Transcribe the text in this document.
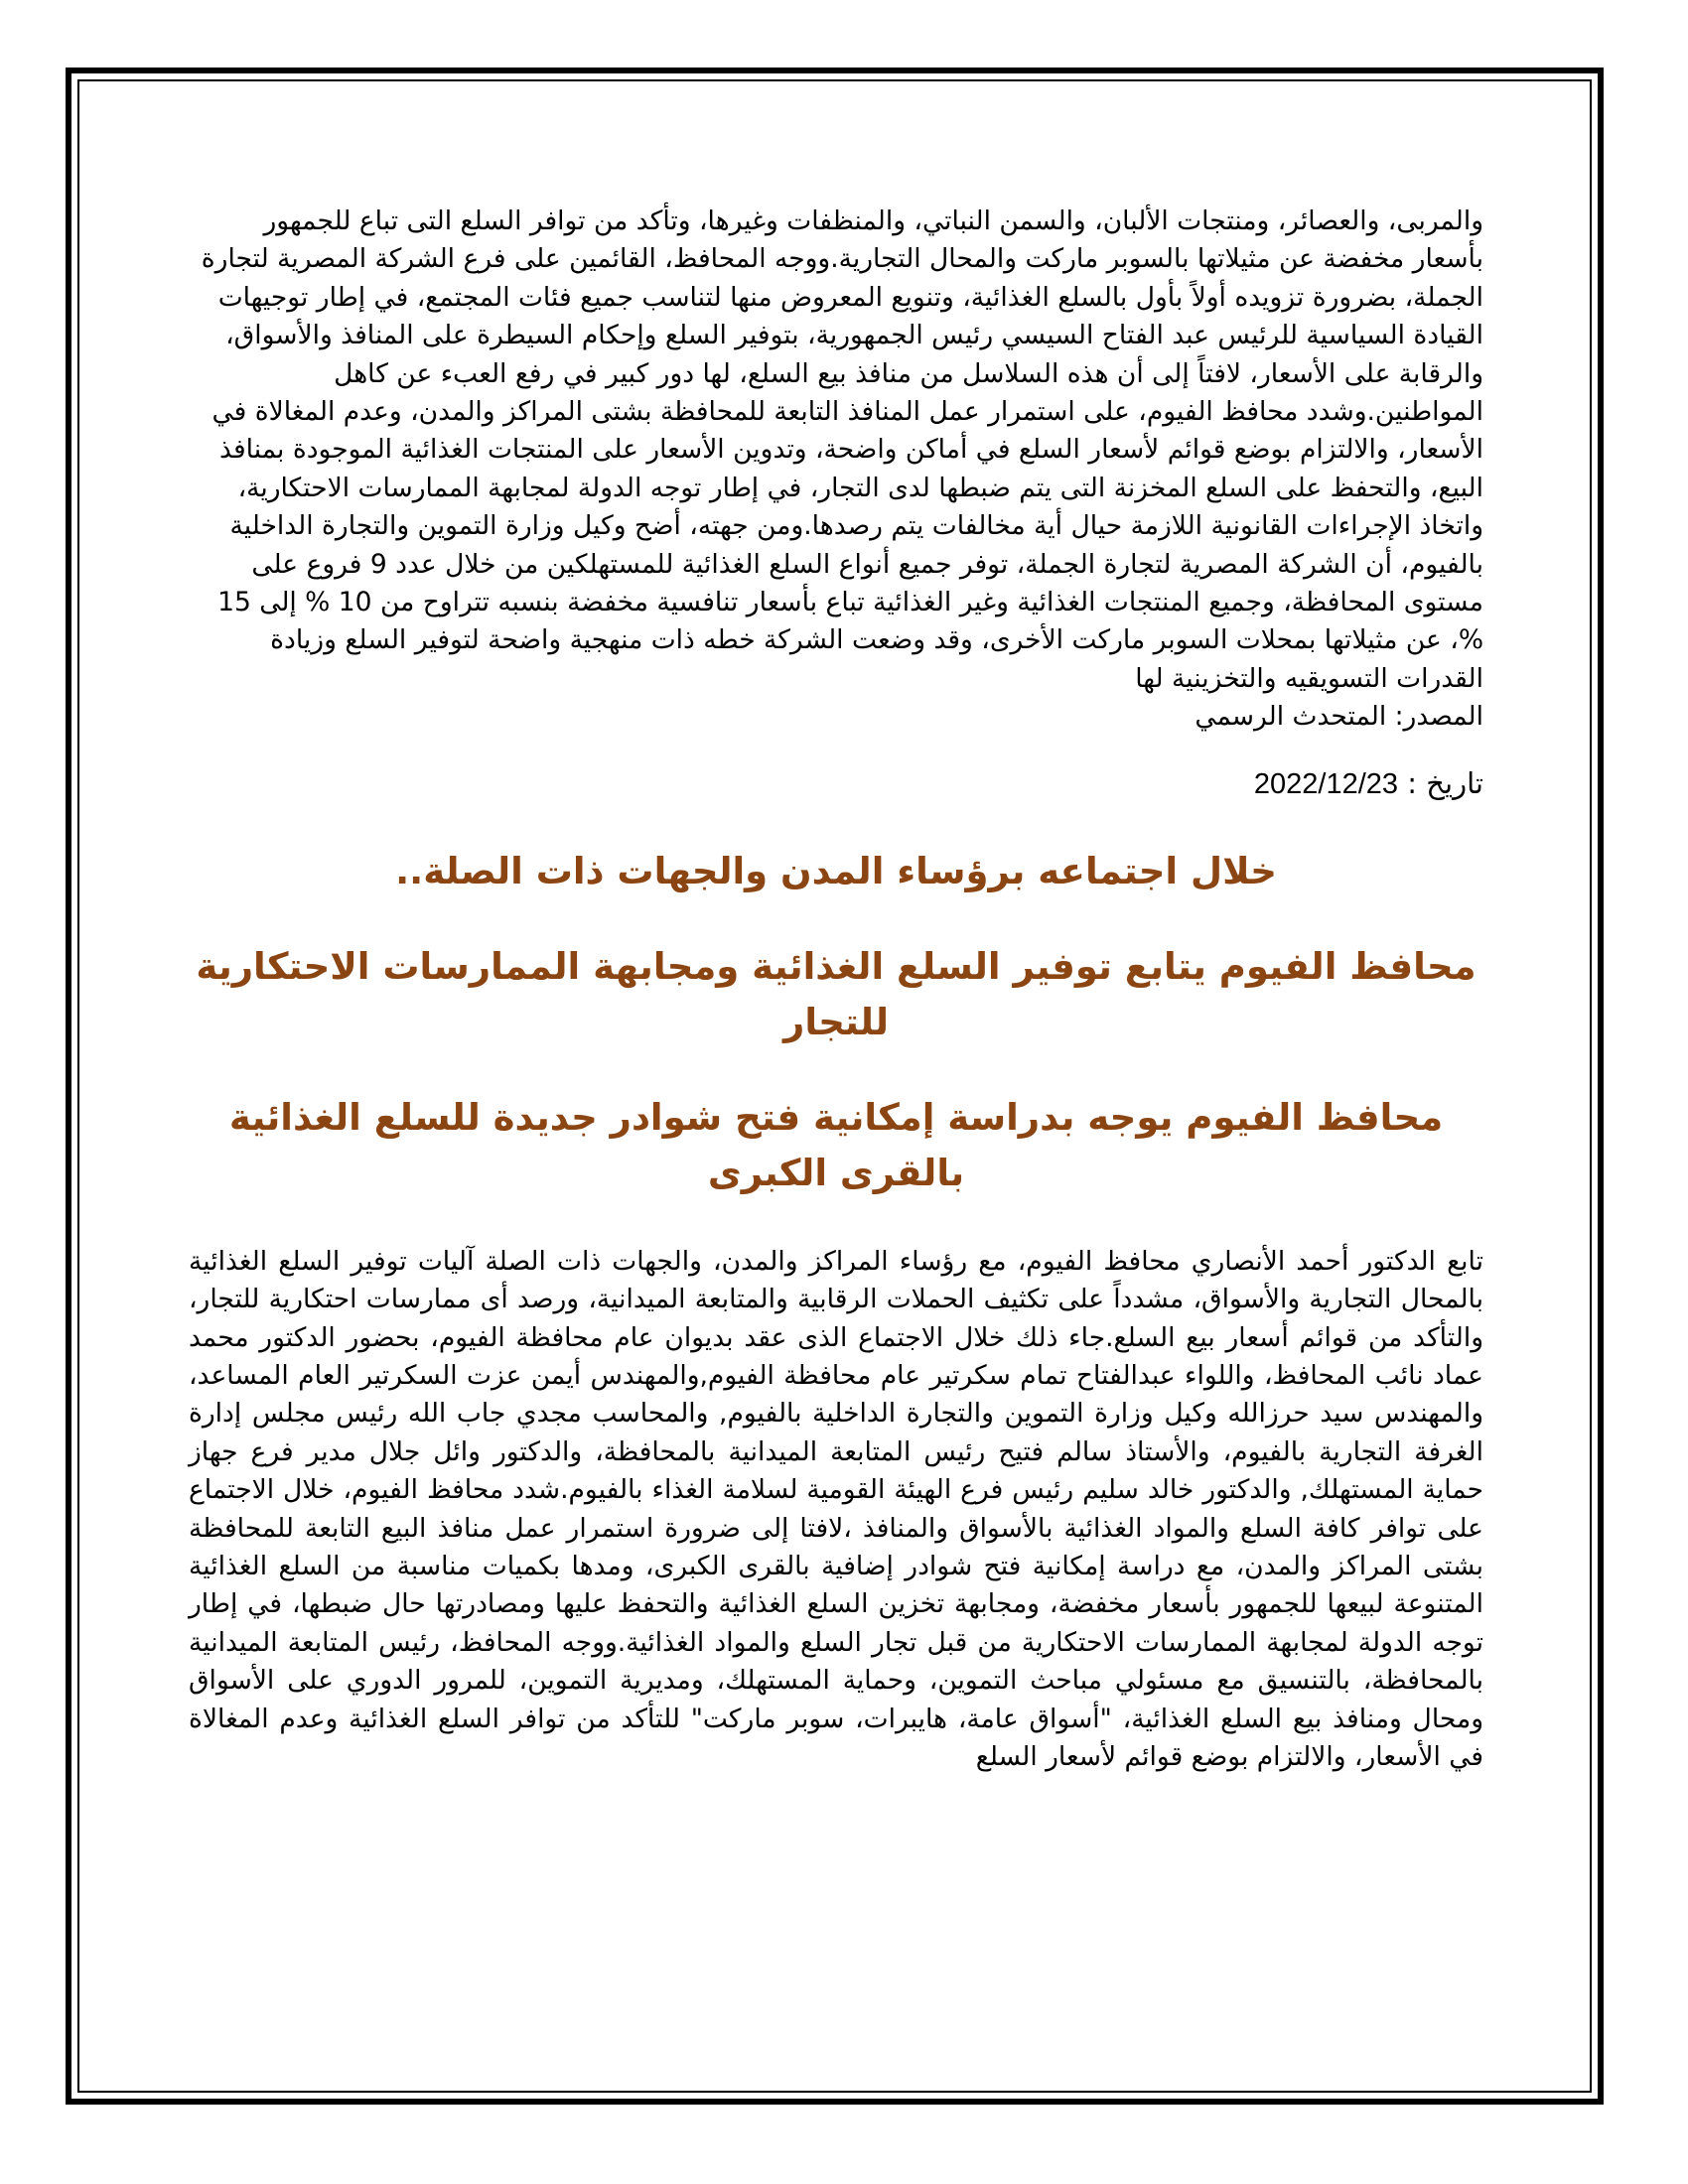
والمربى، والعصائر، ومنتجات الألبان، والسمن النباتي، والمنظفات وغيرها، وتأكد من توافر السلع التى تباع للجمهور بأسعار مخفضة عن مثيلاتها بالسوبر ماركت والمحال التجارية.ووجه المحافظ، القائمين على فرع الشركة المصرية لتجارة الجملة، بضرورة تزويده أولاً بأول بالسلع الغذائية، وتنويع المعروض منها لتناسب جميع فئات المجتمع، في إطار توجيهات القيادة السياسية للرئيس عبد الفتاح السيسي رئيس الجمهورية، بتوفير السلع وإحكام السيطرة على المنافذ والأسواق، والرقابة على الأسعار، لافتاً إلى أن هذه السلاسل من منافذ بيع السلع، لها دور كبير في رفع العبء عن كاهل المواطنين.وشدد محافظ الفيوم، على استمرار عمل المنافذ التابعة للمحافظة بشتى المراكز والمدن، وعدم المغالاة في الأسعار، والالتزام بوضع قوائم لأسعار السلع في أماكن واضحة، وتدوين الأسعار على المنتجات الغذائية الموجودة بمنافذ البيع، والتحفظ على السلع المخزنة التى يتم ضبطها لدى التجار، في إطار توجه الدولة لمجابهة الممارسات الاحتكارية، واتخاذ الإجراءات القانونية اللازمة حيال أية مخالفات يتم رصدها.ومن جهته، أضح وكيل وزارة التموين والتجارة الداخلية بالفيوم، أن الشركة المصرية لتجارة الجملة، توفر جميع أنواع السلع الغذائية للمستهلكين من خلال عدد 9 فروع على مستوى المحافظة، وجميع المنتجات الغذائية وغير الغذائية تباع بأسعار تنافسية مخفضة بنسبه تتراوح من 10 % إلى 15 %، عن مثيلاتها بمحلات السوبر ماركت الأخرى، وقد وضعت الشركة خطه ذات منهجية واضحة لتوفير السلع وزيادة القدرات التسويقيه والتخزينية لها

المصدر: المتحدث الرسمي

تاريخ : 2022/12/23

خلال اجتماعه برؤساء المدن والجهات ذات الصلة..

محافظ الفيوم يتابع توفير السلع الغذائية ومجابهة الممارسات الاحتكارية للتجار

محافظ الفيوم يوجه بدراسة إمكانية فتح شوادر جديدة للسلع الغذائية بالقرى الكبرى

تابع الدكتور أحمد الأنصاري محافظ الفيوم، مع رؤساء المراكز والمدن، والجهات ذات الصلة آليات توفير السلع الغذائية بالمحال التجارية والأسواق، مشدداً على تكثيف الحملات الرقابية والمتابعة الميدانية، ورصد أى ممارسات احتكارية للتجار، والتأكد من قوائم أسعار بيع السلع.جاء ذلك خلال الاجتماع الذى عقد بديوان عام محافظة الفيوم، بحضور الدكتور محمد عماد نائب المحافظ، واللواء عبدالفتاح تمام سكرتير عام محافظة الفيوم,والمهندس أيمن عزت السكرتير العام المساعد، والمهندس سيد حرزالله وكيل وزارة التموين والتجارة الداخلية بالفيوم, والمحاسب مجدي جاب الله رئيس مجلس إدارة الغرفة التجارية بالفيوم، والأستاذ سالم فتيح رئيس المتابعة الميدانية بالمحافظة، والدكتور وائل جلال مدير فرع جهاز حماية المستهلك, والدكتور خالد سليم رئيس فرع الهيئة القومية لسلامة الغذاء بالفيوم.شدد محافظ الفيوم، خلال الاجتماع على توافر كافة السلع والمواد الغذائية بالأسواق والمنافذ ،لافتا إلى ضرورة استمرار عمل منافذ البيع التابعة للمحافظة بشتى المراكز والمدن، مع دراسة إمكانية فتح شوادر إضافية بالقرى الكبرى، ومدها بكميات مناسبة من السلع الغذائية المتنوعة لبيعها للجمهور بأسعار مخفضة، ومجابهة تخزين السلع الغذائية والتحفظ عليها ومصادرتها حال ضبطها، في إطار توجه الدولة لمجابهة الممارسات الاحتكارية من قبل تجار السلع والمواد الغذائية.ووجه المحافظ، رئيس المتابعة الميدانية بالمحافظة، بالتنسيق مع مسئولي مباحث التموين، وحماية المستهلك، ومديرية التموين، للمرور الدوري على الأسواق ومحال ومنافذ بيع السلع الغذائية، "أسواق عامة، هايبرات، سوبر ماركت" للتأكد من توافر السلع الغذائية وعدم المغالاة في الأسعار، والالتزام بوضع قوائم لأسعار السلع
